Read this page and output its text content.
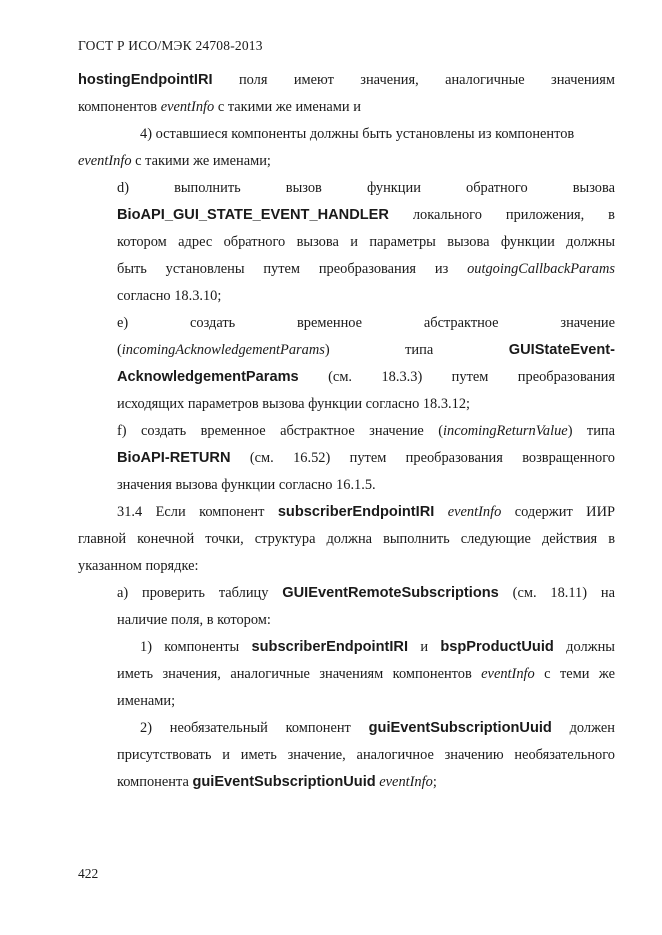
ГОСТ Р ИСО/МЭК 24708-2013
hostingEndpointIRI поля имеют значения, аналогичные значениям
компонентов eventInfo с такими же именами и
4) оставшиеся компоненты должны быть установлены из компонентов
eventInfo с такими же именами;
d) выполнить вызов функции обратного вызова
BioAPI_GUI_STATE_EVENT_HANDLER локального приложения, в
котором адрес обратного вызова и параметры вызова функции должны
быть установлены путем преобразования из outgoingCallbackParams
согласно 18.3.10;
e) создать временное абстрактное значение
(incomingAcknowledgementParams)	типа	GUIStateEvent-
AcknowledgementParams (см. 18.3.3) путем преобразования
исходящих параметров вызова функции согласно 18.3.12;
f) создать временное абстрактное значение (incomingReturnValue) типа
BioAPI-RETURN (см. 16.52) путем преобразования возвращенного
значения вызова функции согласно 16.1.5.
31.4 Если компонент subscriberEndpointIRI eventInfo содержит ИИР
главной конечной точки, структура должна выполнить следующие действия в
указанном порядке:
a) проверить таблицу GUIEventRemoteSubscriptions (см. 18.11) на
наличие поля, в котором:
1) компоненты subscriberEndpointIRI и bspProductUuid должны
иметь значения, аналогичные значениям компонентов eventInfo с теми же
именами;
2) необязательный компонент guiEventSubscriptionUuid должен
присутствовать и иметь значение, аналогичное значению необязательного
компонента guiEventSubscriptionUuid eventInfo;
422
